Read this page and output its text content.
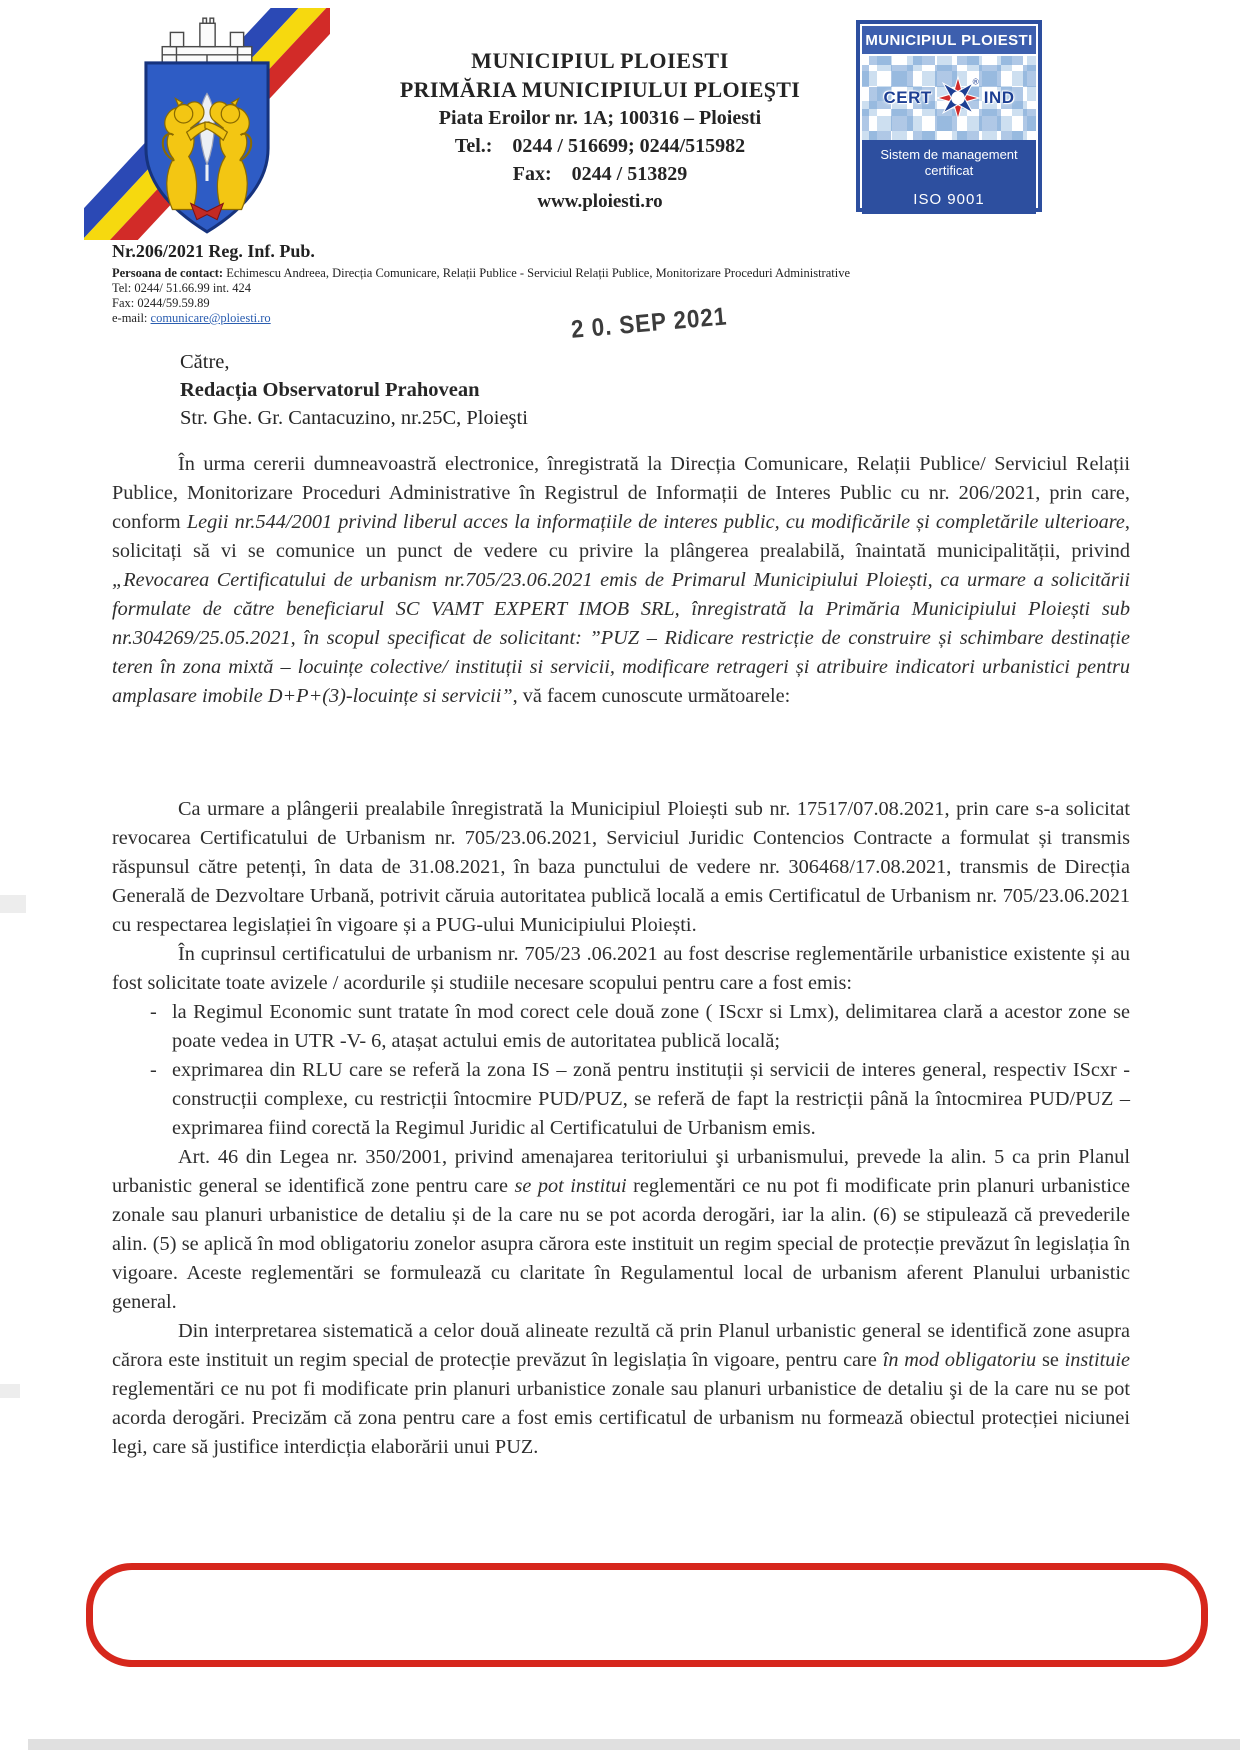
MUNICIPIUL PLOIESTI
PRIMĂRIA MUNICIPIULUI PLOIEŞTI
Piata Eroilor nr. 1A; 100316 – Ploiesti
Tel.:    0244 / 516699; 0244/515982
Fax:    0244 / 513829
www.ploiesti.ro
MUNICIPIUL PLOIESTI
CERT
®
IND
Sistem de management
certificat
ISO 9001
Nr.206/2021 Reg. Inf. Pub.
Persoana de contact: Echimescu Andreea, Direcția Comunicare, Relații Publice - Serviciul Relații Publice, Monitorizare Proceduri Administrative
Tel: 0244/ 51.66.99 int. 424
Fax: 0244/59.59.89
e-mail: comunicare@ploiesti.ro	2 0. SEP 2021
Către,
Redacția Observatorul Prahovean
Str. Ghe. Gr. Cantacuzino, nr.25C, Ploieşti
În urma cererii dumneavoastră electronice, înregistrată la Direcția Comunicare, Relații Publice/ Serviciul Relații Publice, Monitorizare Proceduri Administrative în Registrul de Informații de Interes Public cu nr. 206/2021, prin care, conform Legii nr.544/2001 privind liberul acces la informațiile de interes public, cu modificările și completările ulterioare, solicitați să vi se comunice un punct de vedere cu privire la plângerea prealabilă, înaintată municipalității, privind „Revocarea Certificatului de urbanism nr.705/23.06.2021 emis de Primarul Municipiului Ploiești, ca urmare a solicitării formulate de către beneficiarul SC VAMT EXPERT IMOB SRL, înregistrată la Primăria Municipiului Ploiești sub nr.304269/25.05.2021, în scopul specificat de solicitant: ”PUZ – Ridicare restricție de construire și schimbare destinație teren în zona mixtă – locuințe colective/ instituții si servicii, modificare retrageri și atribuire indicatori urbanistici pentru amplasare imobile D+P+(3)-locuințe si servicii”, vă facem cunoscute următoarele:
Ca urmare a plângerii prealabile înregistrată la Municipiul Ploiești sub nr. 17517/07.08.2021, prin care s-a solicitat revocarea Certificatului de Urbanism nr. 705/23.06.2021, Serviciul Juridic Contencios Contracte a formulat și transmis răspunsul către petenți, în data de 31.08.2021, în baza punctului de vedere nr. 306468/17.08.2021, transmis de Direcția Generală de Dezvoltare Urbană, potrivit căruia autoritatea publică locală a emis Certificatul de Urbanism nr. 705/23.06.2021 cu respectarea legislației în vigoare și a PUG-ului Municipiului Ploiești.
În cuprinsul certificatului de urbanism nr. 705/23 .06.2021 au fost descrise reglementările urbanistice existente și au fost solicitate toate avizele / acordurile și studiile necesare scopului pentru care a fost emis:
- la Regimul Economic sunt tratate în mod corect cele două zone ( IScxr si Lmx), delimitarea clară a acestor zone se poate vedea in UTR -V- 6, atașat actului emis de autoritatea publică locală;
- exprimarea din RLU care se referă la zona IS – zonă pentru instituții și servicii de interes general, respectiv IScxr -construcții complexe, cu restricții întocmire PUD/PUZ, se referă de fapt la restricții până la întocmirea PUD/PUZ – exprimarea fiind corectă la Regimul Juridic al Certificatului de Urbanism emis.
Art. 46 din Legea nr. 350/2001, privind amenajarea teritoriului şi urbanismului, prevede la alin. 5 ca prin Planul urbanistic general se identifică zone pentru care se pot institui reglementări ce nu pot fi modificate prin planuri urbanistice zonale sau planuri urbanistice de detaliu și de la care nu se pot acorda derogări, iar la alin. (6) se stipulează că prevederile alin. (5) se aplică în mod obligatoriu zonelor asupra cărora este instituit un regim special de protecție prevăzut în legislația în vigoare. Aceste reglementări se formulează cu claritate în Regulamentul local de urbanism aferent Planului urbanistic general.
Din interpretarea sistematică a celor două alineate rezultă că prin Planul urbanistic general se identifică zone asupra cărora este instituit un regim special de protecție prevăzut în legislația în vigoare, pentru care în mod obligatoriu se instituie reglementări ce nu pot fi modificate prin planuri urbanistice zonale sau planuri urbanistice de detaliu şi de la care nu se pot acorda derogări. Precizăm că zona pentru care a fost emis certificatul de urbanism nu formează obiectul protecției niciunei legi, care să justifice interdicția elaborării unui PUZ.
